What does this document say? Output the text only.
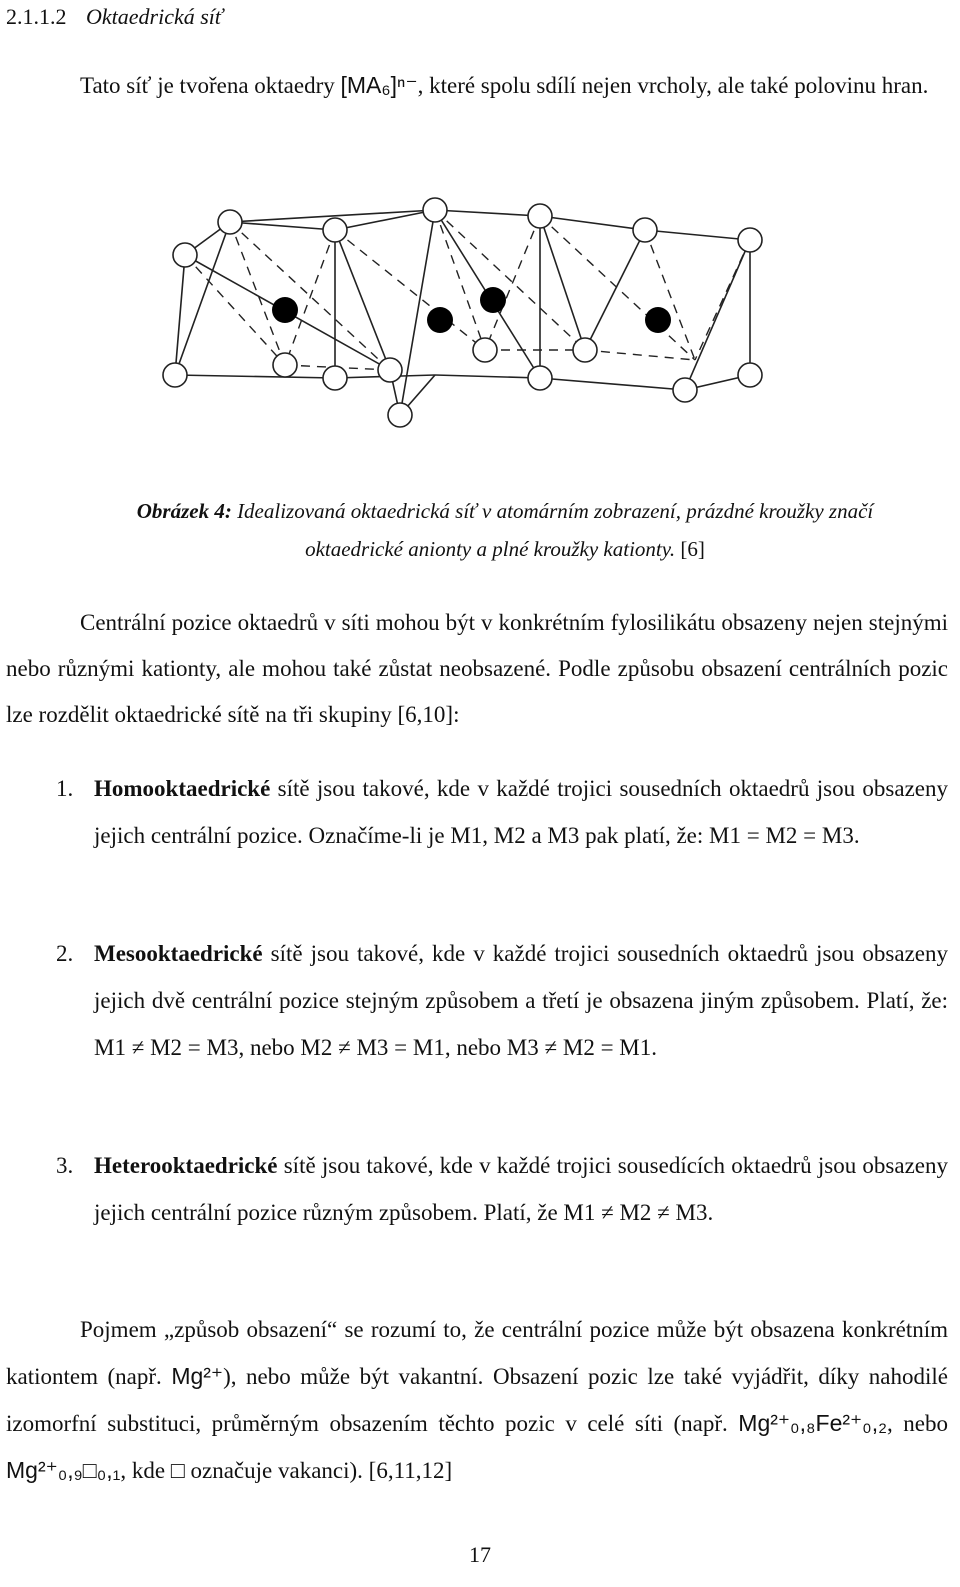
2.1.1.2 Oktaedrická síť
Tato síť je tvořena oktaedry [MA₆]ⁿ⁻, které spolu sdílí nejen vrcholy, ale také polovinu hran.
Obrázek 4: Idealizovaná oktaedrická síť v atomárním zobrazení, prázdné kroužky značí
oktaedrické anionty a plné kroužky kationty. [6]
Centrální pozice oktaedrů v síti mohou být v konkrétním fylosilikátu obsazeny nejen stejnými nebo různými kationty, ale mohou také zůstat neobsazené. Podle způsobu obsazení centrálních pozic lze rozdělit oktaedrické sítě na tři skupiny [6,10]:
1. Homooktaedrické sítě jsou takové, kde v každé trojici sousedních oktaedrů jsou obsazeny jejich centrální pozice. Označíme-li je M1, M2 a M3 pak platí, že: M1 = M2 = M3.
2. Mesooktaedrické sítě jsou takové, kde v každé trojici sousedních oktaedrů jsou obsazeny jejich dvě centrální pozice stejným způsobem a třetí je obsazena jiným způsobem. Platí, že: M1 ≠ M2 = M3, nebo M2 ≠ M3 = M1, nebo M3 ≠ M2 = M1.
3. Heterooktaedrické sítě jsou takové, kde v každé trojici sousedících oktaedrů jsou obsazeny jejich centrální pozice různým způsobem. Platí, že M1 ≠ M2 ≠ M3.
Pojmem „způsob obsazení“ se rozumí to, že centrální pozice může být obsazena konkrétním kationtem (např. Mg²⁺), nebo může být vakantní. Obsazení pozic lze také vyjádřit, díky nahodilé izomorfní substituci, průměrným obsazením těchto pozic v celé síti (např. Mg²⁺₀,₈Fe²⁺₀,₂, nebo Mg²⁺₀,₉□₀,₁, kde □ označuje vakanci). [6,11,12]
17
